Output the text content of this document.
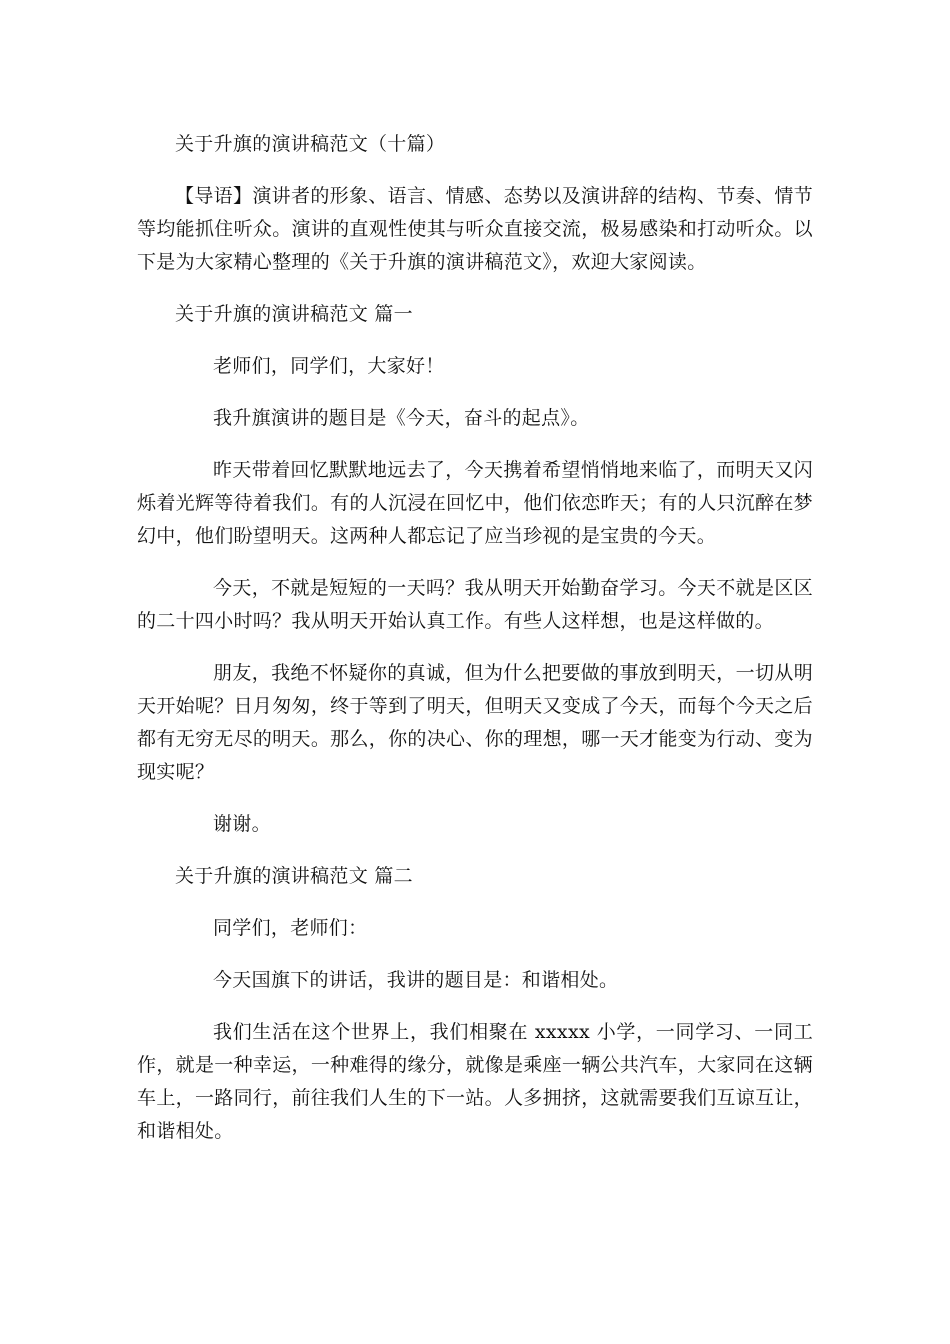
关于升旗的演讲稿范文（十篇）

【导语】演讲者的形象、语言、情感、态势以及演讲辞的结构、节奏、情节等均能抓住听众。演讲的直观性使其与听众直接交流，极易感染和打动听众。以下是为大家精心整理的《关于升旗的演讲稿范文》，欢迎大家阅读。

关于升旗的演讲稿范文 篇一

老师们，同学们，大家好！

我升旗演讲的题目是《今天，奋斗的起点》。

昨天带着回忆默默地远去了，今天携着希望悄悄地来临了，而明天又闪烁着光辉等待着我们。有的人沉浸在回忆中，他们依恋昨天；有的人只沉醉在梦幻中，他们盼望明天。这两种人都忘记了应当珍视的是宝贵的今天。

今天，不就是短短的一天吗？我从明天开始勤奋学习。今天不就是区区的二十四小时吗？我从明天开始认真工作。有些人这样想，也是这样做的。

朋友，我绝不怀疑你的真诚，但为什么把要做的事放到明天，一切从明天开始呢？日月匆匆，终于等到了明天，但明天又变成了今天，而每个今天之后都有无穷无尽的明天。那么，你的决心、你的理想，哪一天才能变为行动、变为现实呢？

谢谢。

关于升旗的演讲稿范文 篇二

同学们，老师们：

今天国旗下的讲话，我讲的题目是：和谐相处。

我们生活在这个世界上，我们相聚在 xxxxx 小学，一同学习、一同工作，就是一种幸运，一种难得的缘分，就像是乘座一辆公共汽车，大家同在这辆车上，一路同行，前往我们人生的下一站。人多拥挤，这就需要我们互谅互让，和谐相处。
